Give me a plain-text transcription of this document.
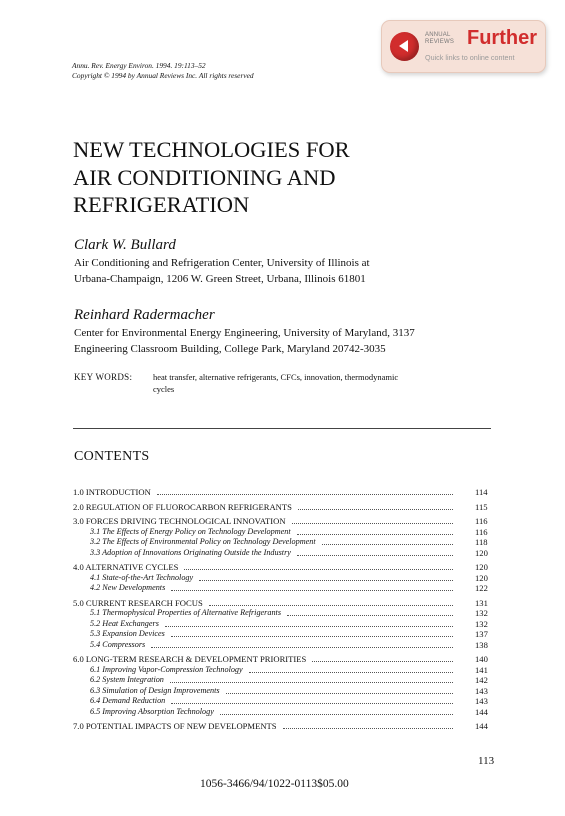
Annu. Rev. Energy Environ. 1994. 19:113–52
Copyright © 1994 by Annual Reviews Inc. All rights reserved
ANNUAL
REVIEWS Further
Quick links to online content
NEW TECHNOLOGIES FOR
AIR CONDITIONING AND
REFRIGERATION
Clark W. Bullard
Air Conditioning and Refrigeration Center, University of Illinois at
Urbana-Champaign, 1206 W. Green Street, Urbana, Illinois 61801
Reinhard Radermacher
Center for Environmental Energy Engineering, University of Maryland, 3137
Engineering Classroom Building, College Park, Maryland 20742-3035
KEY WORDS: heat transfer, alternative refrigerants, CFCs, innovation, thermodynamic
cycles
CONTENTS
1.0 INTRODUCTION	114
2.0 REGULATION OF FLUOROCARBON REFRIGERANTS	115
3.0 FORCES DRIVING TECHNOLOGICAL INNOVATION	116
3.1 The Effects of Energy Policy on Technology Development	116
3.2 The Effects of Environmental Policy on Technology Development	118
3.3 Adoption of Innovations Originating Outside the Industry	120
4.0 ALTERNATIVE CYCLES	120
4.1 State-of-the-Art Technology	120
4.2 New Developments	122
5.0 CURRENT RESEARCH FOCUS	131
5.1 Thermophysical Properties of Alternative Refrigerants	132
5.2 Heat Exchangers	132
5.3 Expansion Devices	137
5.4 Compressors	138
6.0 LONG-TERM RESEARCH & DEVELOPMENT PRIORITIES	140
6.1 Improving Vapor-Compression Technology	141
6.2 System Integration	142
6.3 Simulation of Design Improvements	143
6.4 Demand Reduction	143
6.5 Improving Absorption Technology	144
7.0 POTENTIAL IMPACTS OF NEW DEVELOPMENTS	144
113
1056-3466/94/1022-0113$05.00
